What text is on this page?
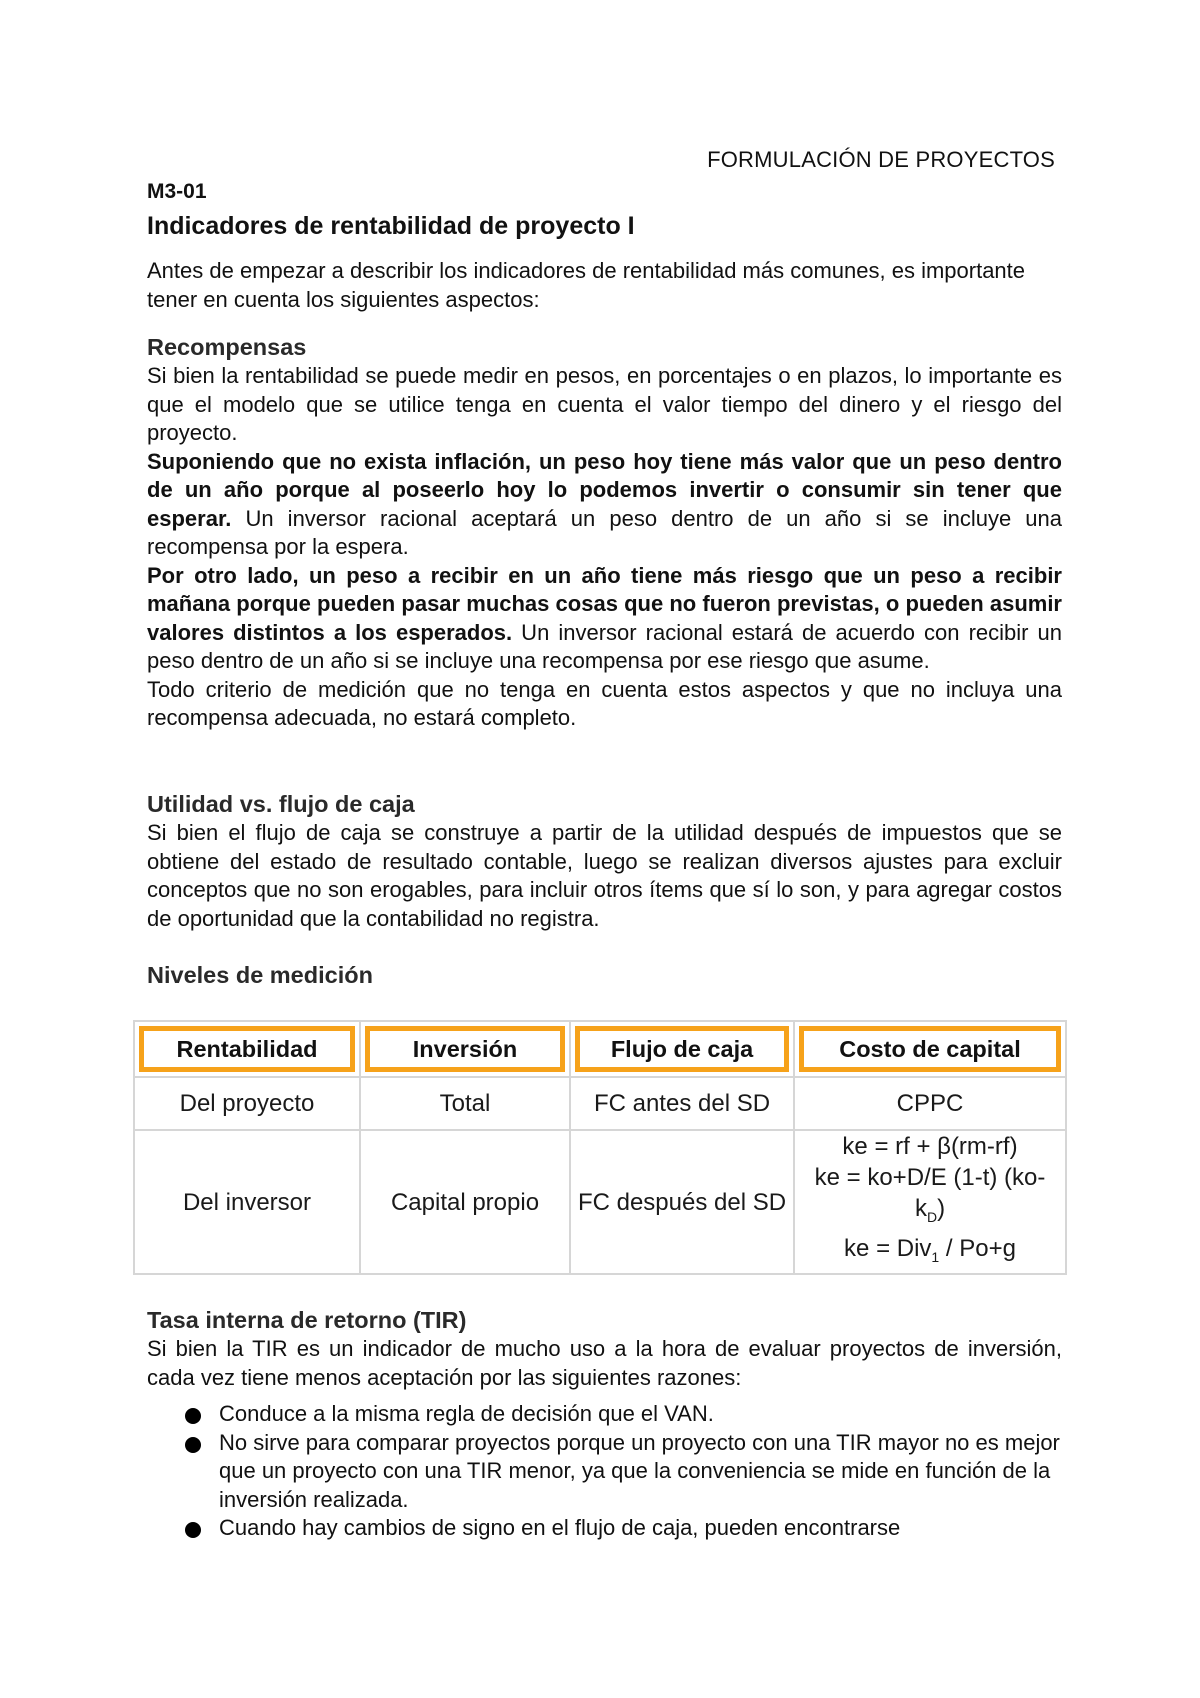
FORMULACIÓN DE PROYECTOS
M3-01
Indicadores de rentabilidad de proyecto I
Antes de empezar a describir los indicadores de rentabilidad más comunes, es importante tener en cuenta los siguientes aspectos:
Recompensas

Si bien la rentabilidad se puede medir en pesos, en porcentajes o en plazos, lo importante es que el modelo que se utilice tenga en cuenta el valor tiempo del dinero y el riesgo del proyecto.

Suponiendo que no exista inflación, un peso hoy tiene más valor que un peso dentro de un año porque al poseerlo hoy lo podemos invertir o consumir sin tener que esperar. Un inversor racional aceptará un peso dentro de un año si se incluye una recompensa por la espera.

Por otro lado, un peso a recibir en un año tiene más riesgo que un peso a recibir mañana porque pueden pasar muchas cosas que no fueron previstas, o pueden asumir valores distintos a los esperados. Un inversor racional estará de acuerdo con recibir un peso dentro de un año si se incluye una recompensa por ese riesgo que asume.

Todo criterio de medición que no tenga en cuenta estos aspectos y que no incluya una recompensa adecuada, no estará completo.

Utilidad vs. flujo de caja

Si bien el flujo de caja se construye a partir de la utilidad después de impuestos que se obtiene del estado de resultado contable, luego se realizan diversos ajustes para excluir conceptos que no son erogables, para incluir otros ítems que sí lo son, y para agregar costos de oportunidad que la contabilidad no registra.

Niveles de medición
Rentabilidad	Inversión	Flujo de caja	Costo de capital

Del proyecto	Total	FC antes del SD	CPPC
Del inversor	Capital propio	FC después del SD	ke = rf + β(rm-rf)
ke = ko+D/E (1-t) $(ko-k_D)$
ke = Div$_1$ / Po+g
Tasa interna de retorno (TIR)

Si bien la TIR es un indicador de mucho uso a la hora de evaluar proyectos de inversión, cada vez tiene menos aceptación por las siguientes razones:

Conduce a la misma regla de decisión que el VAN.
No sirve para comparar proyectos porque un proyecto con una TIR mayor no es mejor que un proyecto con una TIR menor, ya que la conveniencia se mide en función de la inversión realizada.
Cuando hay cambios de signo en el flujo de caja, pueden encontrarse
